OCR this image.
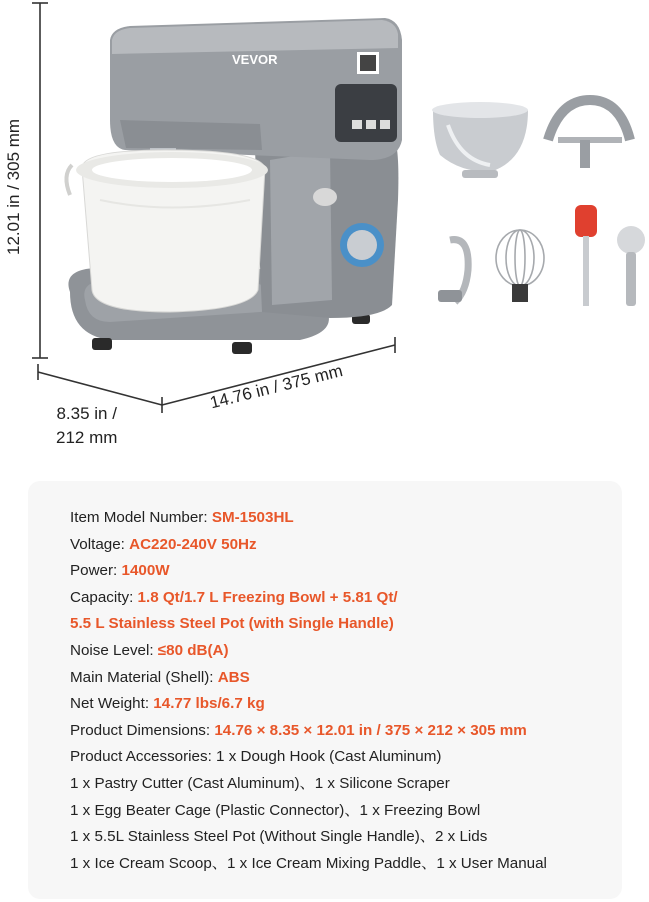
VEVOR
12.01 in / 305 mm
14.76 in / 375 mm
8.35 in /
212 mm
Item Model Number: SM-1503HL
Voltage: AC220-240V 50Hz
Power: 1400W
Capacity: 1.8 Qt/1.7 L Freezing Bowl + 5.81 Qt/
5.5 L Stainless Steel Pot (with Single Handle)
Noise Level: ≤80 dB(A)
Main Material (Shell): ABS
Net Weight: 14.77 lbs/6.7 kg
Product Dimensions: 14.76 × 8.35 × 12.01 in / 375 × 212 × 305 mm
Product Accessories: 1 x Dough Hook (Cast Aluminum)
1 x Pastry Cutter (Cast Aluminum)、1 x Silicone Scraper
1 x Egg Beater Cage (Plastic Connector)、1 x Freezing Bowl
1 x 5.5L Stainless Steel Pot (Without Single Handle)、2 x Lids
1 x Ice Cream Scoop、1 x Ice Cream Mixing Paddle、1 x User Manual
